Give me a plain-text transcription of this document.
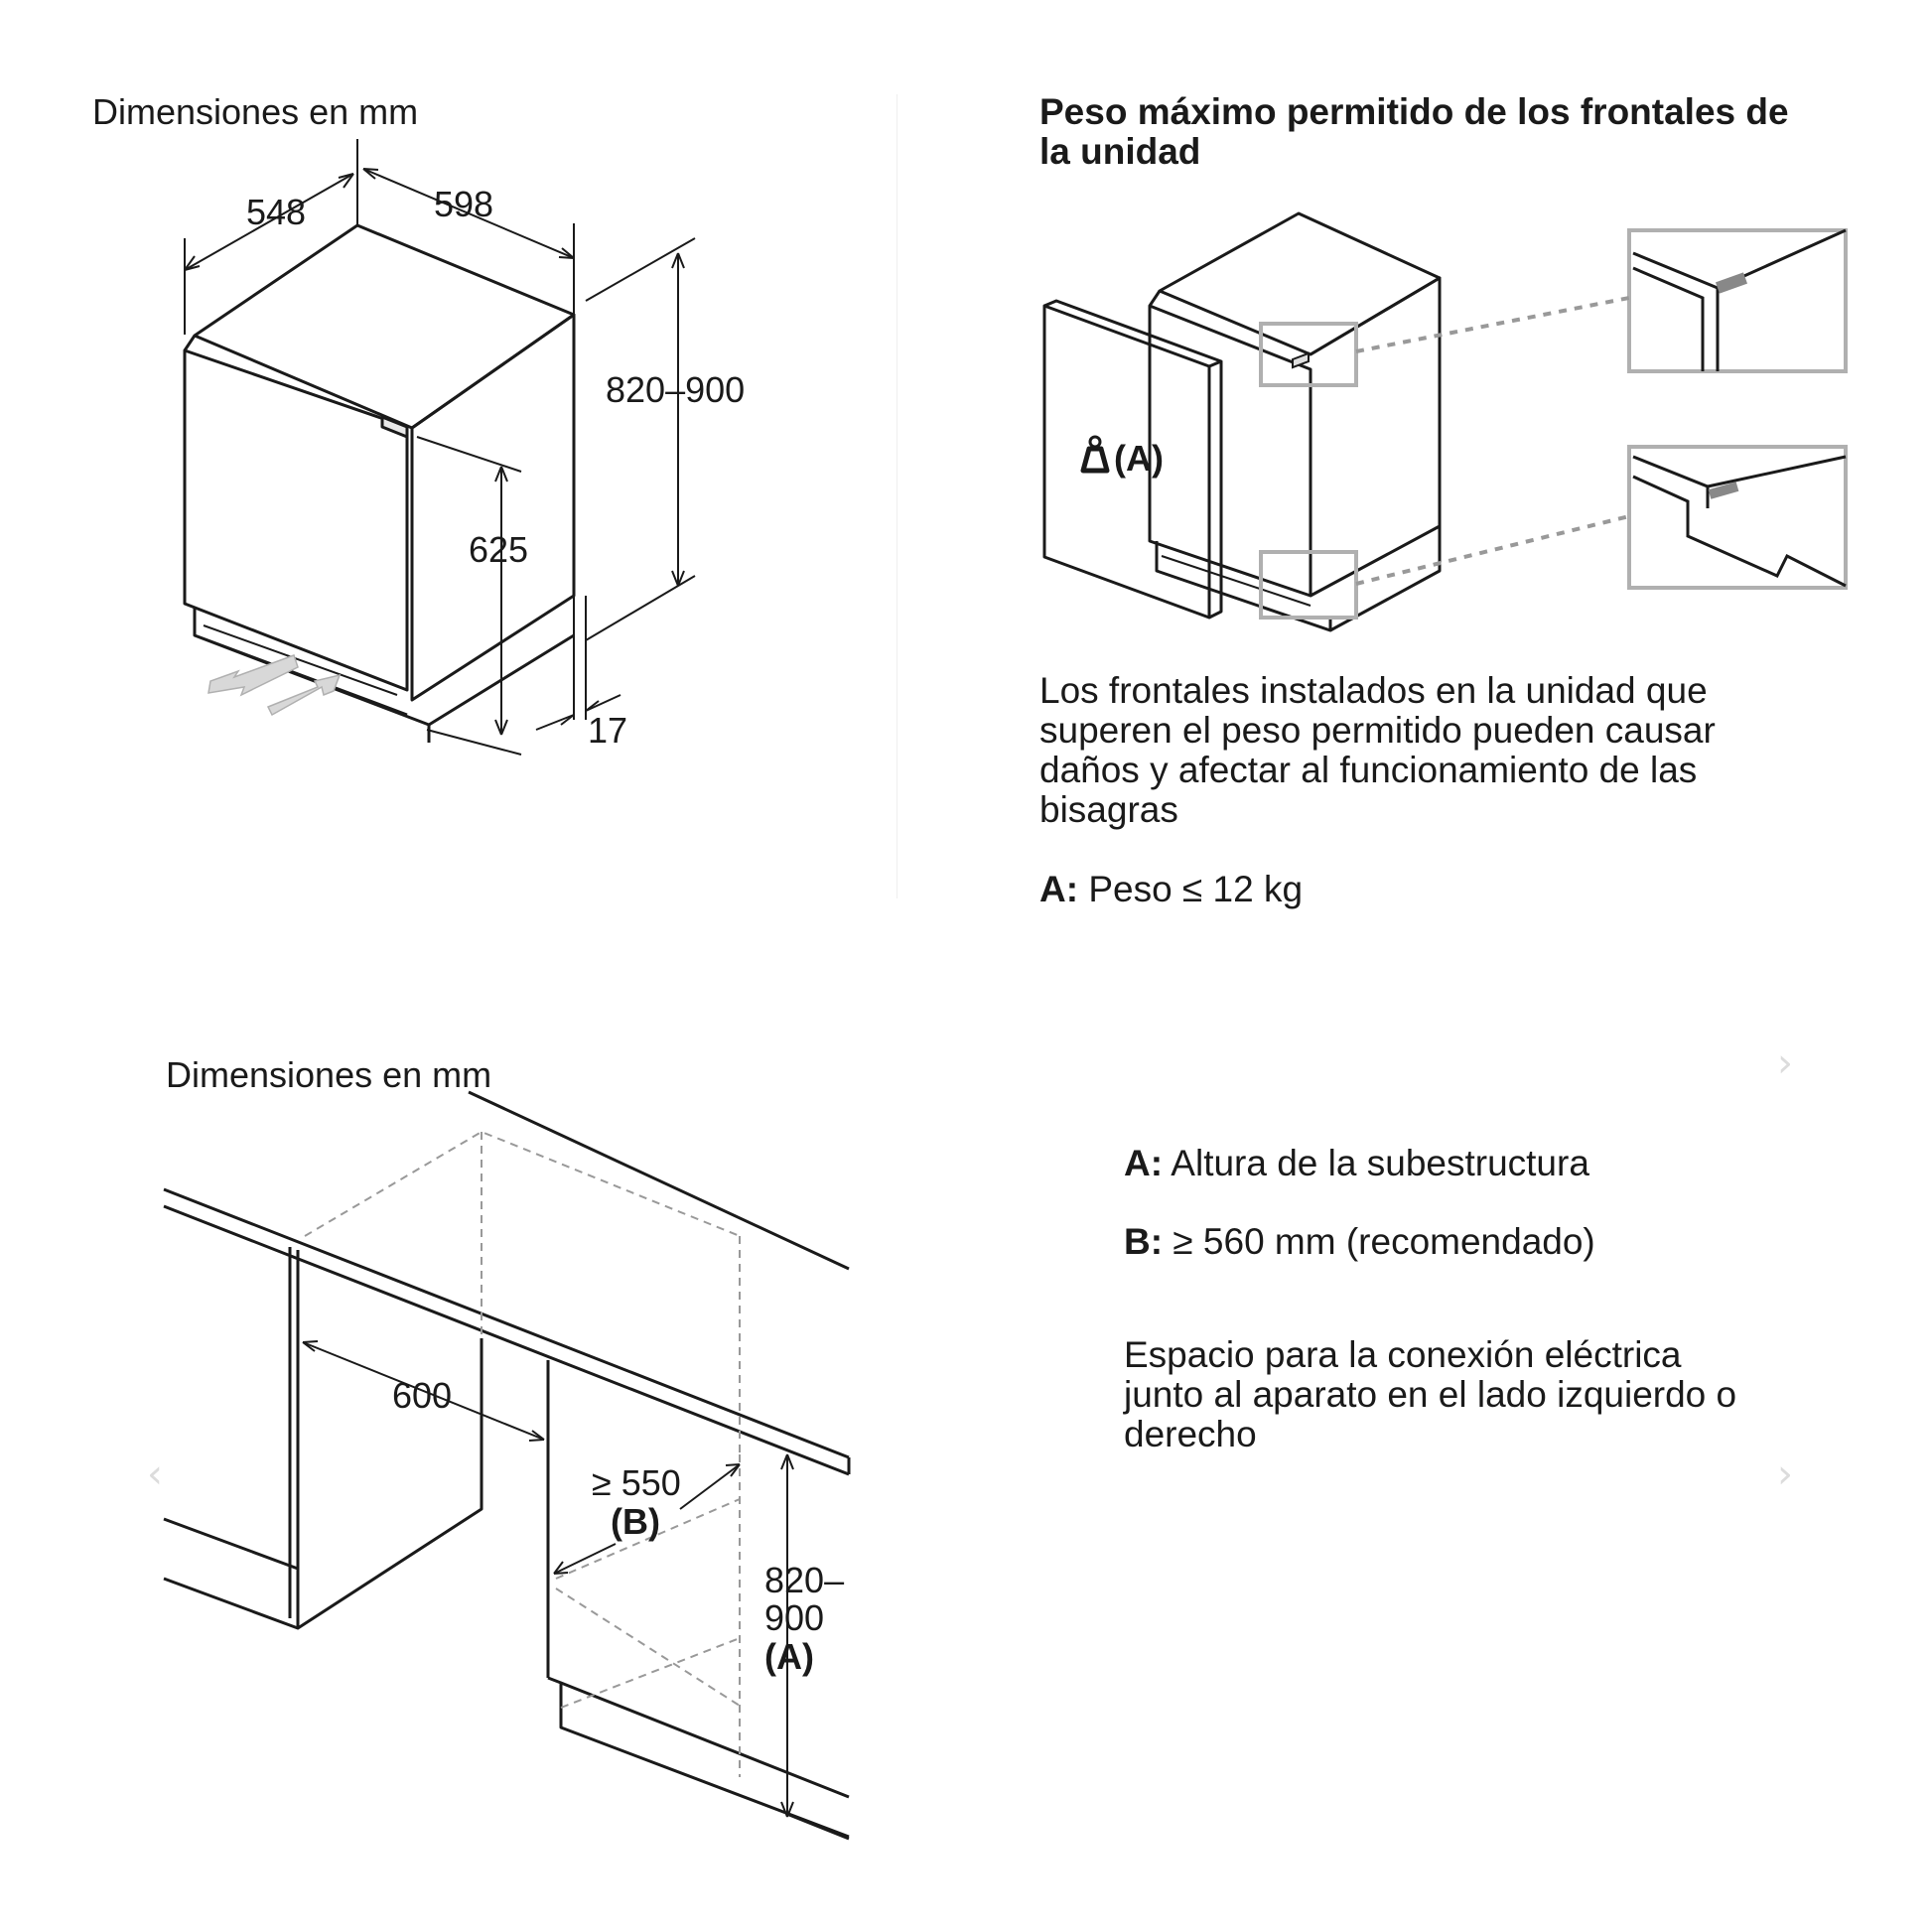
Dimensiones en mm
548	598
820–900
625
17
Peso máximo permitido de los frontales de
la unidad
(A)
Los frontales instalados en la unidad que
superen el peso permitido pueden causar
daños y afectar al funcionamiento de las
bisagras
A: Peso ≤ 12 kg
Dimensiones en mm
600
≥ 550
(B)
820–
900
(A)
A: Altura de la subestructura
B: ≥ 560 mm (recomendado)
Espacio para la conexión eléctrica
junto al aparato en el lado izquierdo o
derecho
›
›
‹
